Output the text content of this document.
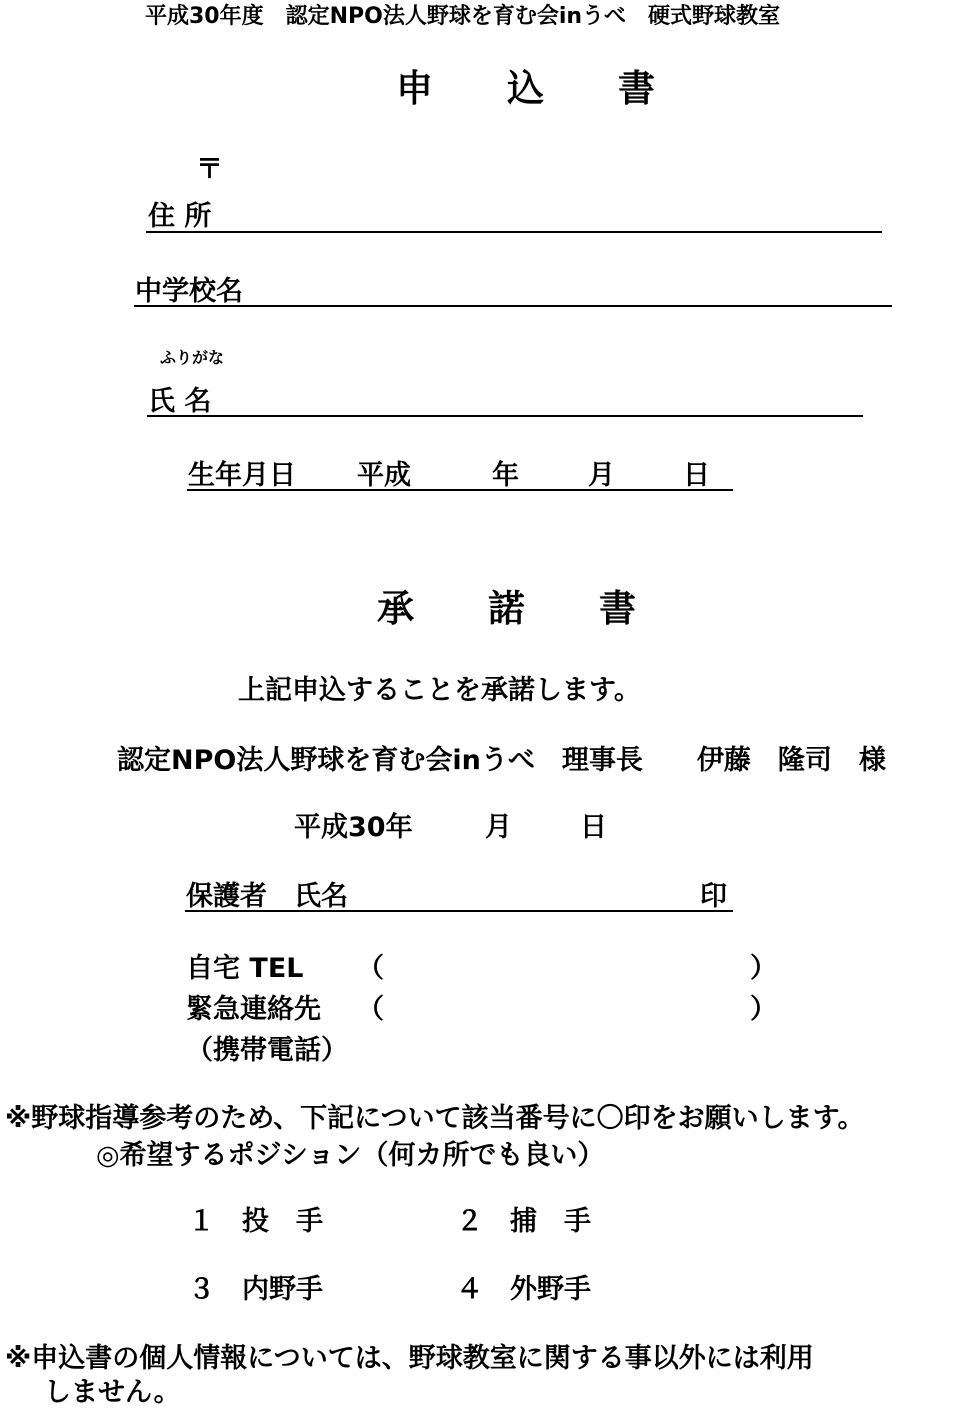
平成30年度　認定NPO法人野球を育む会inうべ　硬式野球教室
申　　込　　書
〒
住 所
中学校名
ふりがな
氏 名
生年月日 平成	年	月	日
承　　諾　　書
上記申込することを承諾します。
認定NPO法人野球を育む会inうべ　理事長　　伊藤　隆司　様
平成30年	月	日
保護者　氏名	印
自宅 TEL （	）
緊急連絡先 （	）
（携帯電話）
※野球指導参考のため、下記について該当番号に〇印をお願いします。
◎希望するポジション（何カ所でも良い）
１　投　手	２　捕　手
３　内野手	４　外野手
※申込書の個人情報については、野球教室に関する事以外には利用
しません。
